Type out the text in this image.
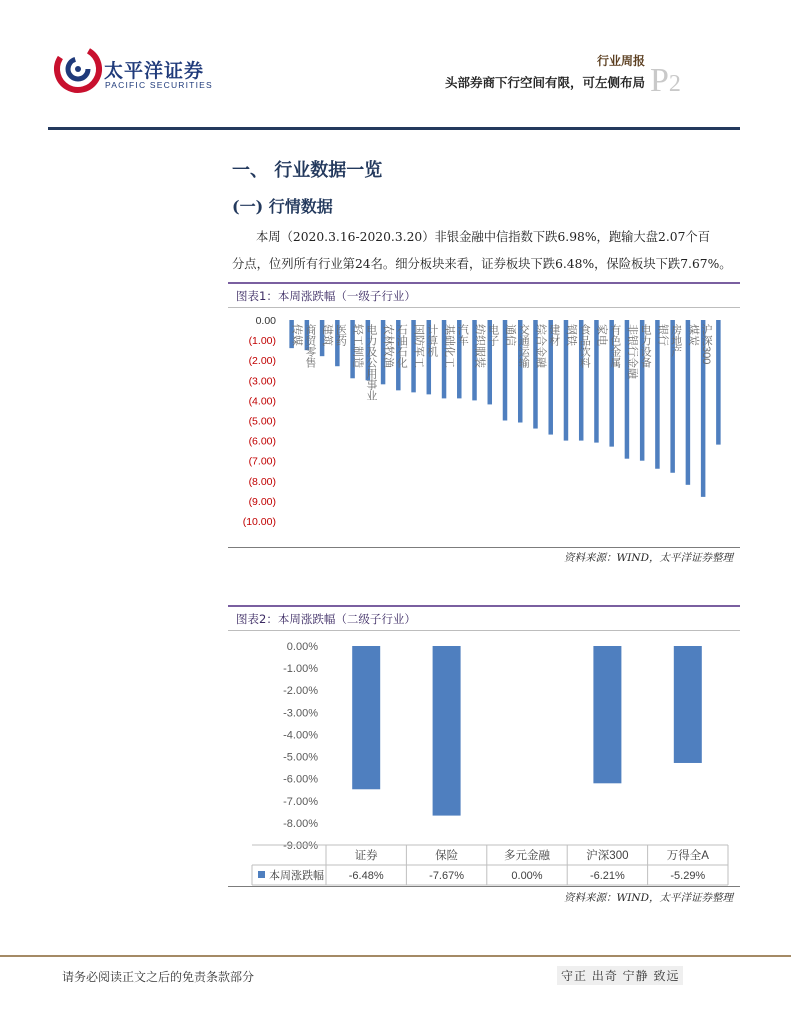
太平洋证券
PACIFIC SECURITIES
行业周报
头部券商下行空间有限，可左侧布局 P2
一、 行业数据一览
(一) 行情数据
本周（2020.3.16-2020.3.20）非银金融中信指数下跌6.98%，跑输大盘2.07个百
分点，位列所有行业第24名。细分板块来看，证券板块下跌6.48%，保险板块下跌7.67%。
图表1：本周涨跌幅（一级子行业）
0.00
(1.00)
(2.00)
(3.00)
(4.00)
(5.00)
(6.00)
(7.00)
(8.00)
(9.00)
(10.00)
传媒 商贸零售 建筑 医药 轻工制造 电力及公用事业 农林牧渔 石油石化 国防军工 计算机 基础化工 汽车 纺织服装 电子 通信 交通运输 综合金融 建材 钢铁 食品饮料 家电 有色金属 非银行金融 电力设备 银行 房地产 煤炭 沪深300
资料来源：WIND，太平洋证券整理
图表2：本周涨跌幅（二级子行业）
0.00%
-1.00%
-2.00%
-3.00%
-4.00%
-5.00%
-6.00%
-7.00%
-8.00%
-9.00%
证券
-6.48%
保险
-7.67%
多元金融
0.00%
沪深300
-6.21%
万得全A
-5.29%
本周涨跌幅
资料来源：WIND，太平洋证券整理
请务必阅读正文之后的免责条款部分	守正 出奇 宁静 致远
